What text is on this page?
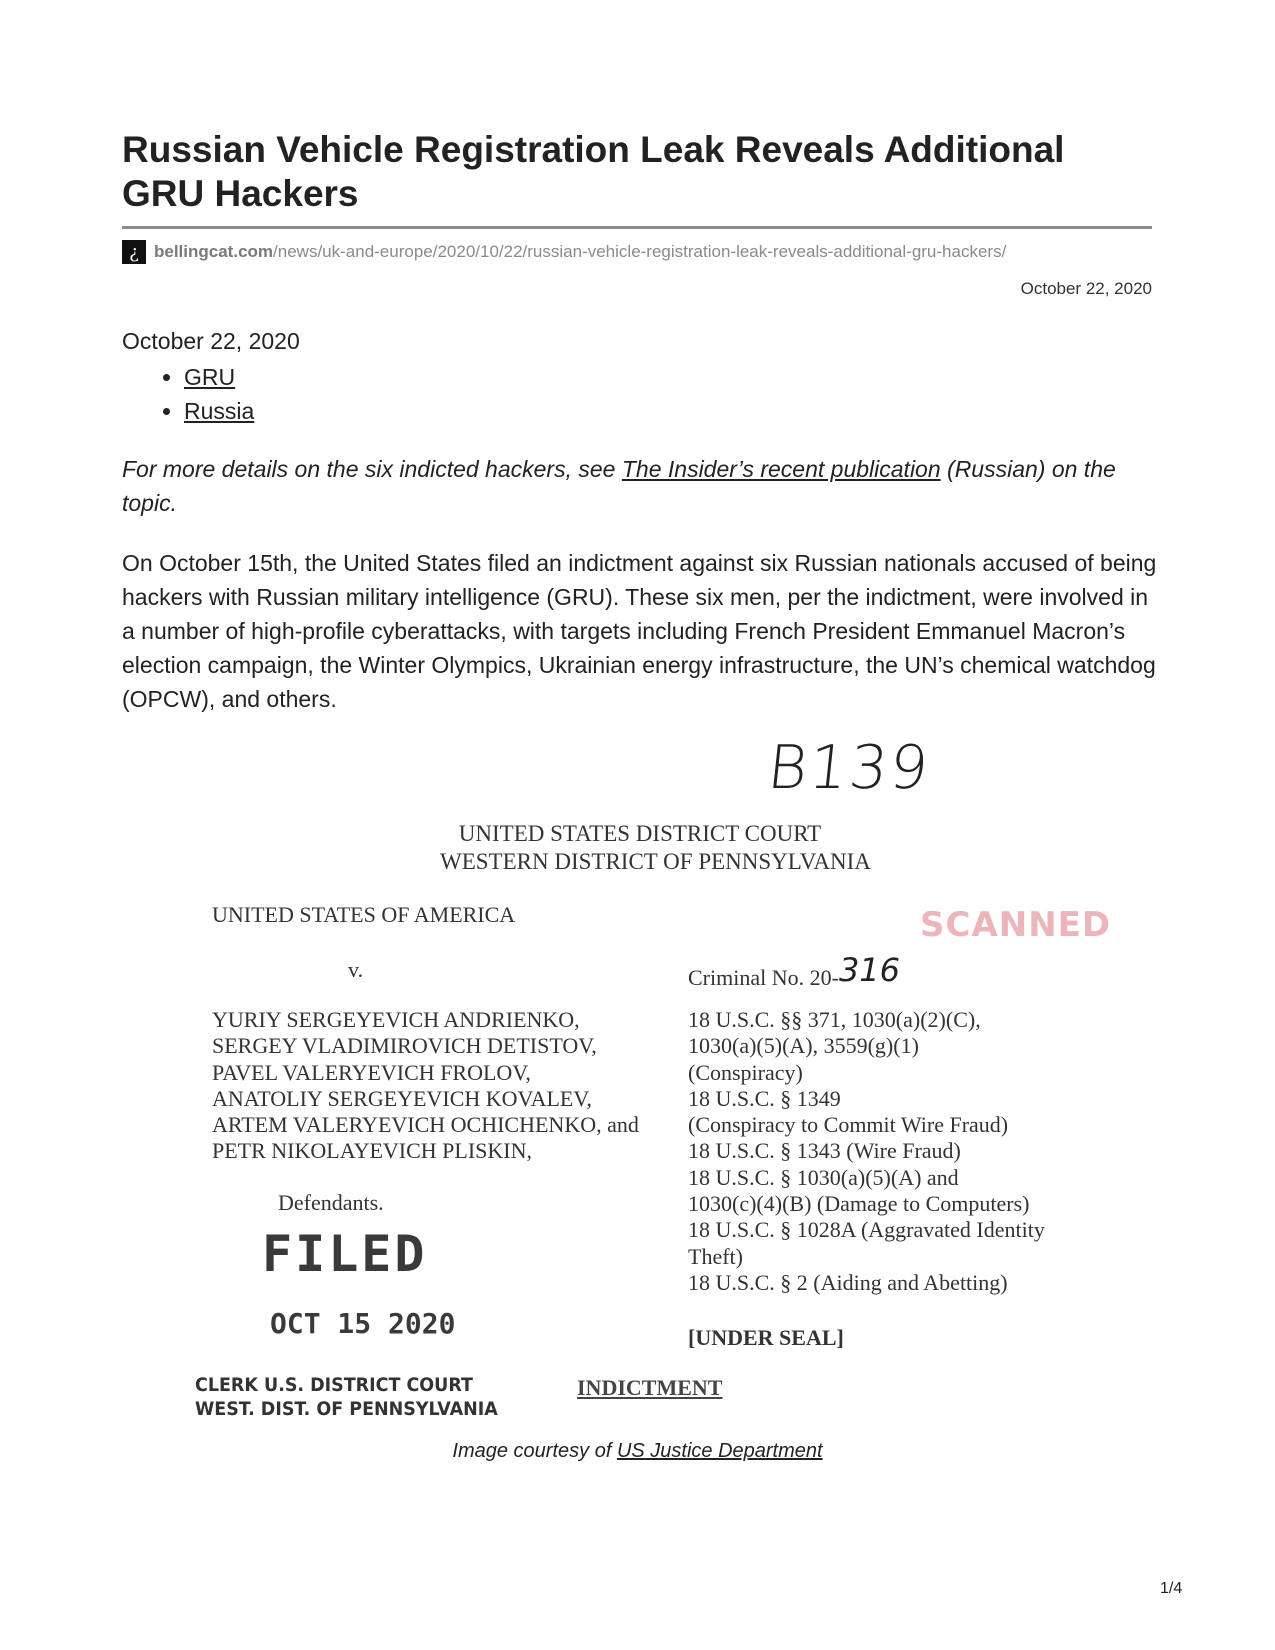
Russian Vehicle Registration Leak Reveals Additional GRU Hackers
¿ bellingcat.com/news/uk-and-europe/2020/10/22/russian-vehicle-registration-leak-reveals-additional-gru-hackers/
October 22, 2020
October 22, 2020
• GRU
• Russia

For more details on the six indicted hackers, see The Insider’s recent publication (Russian) on the topic.

On October 15th, the United States filed an indictment against six Russian nationals accused of being hackers with Russian military intelligence (GRU). These six men, per the indictment, were involved in a number of high-profile cyberattacks, with targets including French President Emmanuel Macron’s election campaign, the Winter Olympics, Ukrainian energy infrastructure, the UN’s chemical watchdog (OPCW), and others.

B139
UNITED STATES DISTRICT COURT
WESTERN DISTRICT OF PENNSYLVANIA
UNITED STATES OF AMERICA	SCANNED
v.	Criminal No. 20-316
YURIY SERGEYEVICH ANDRIENKO,
SERGEY VLADIMIROVICH DETISTOV,
PAVEL VALERYEVICH FROLOV,
ANATOLIY SERGEYEVICH KOVALEV,
ARTEM VALERYEVICH OCHICHENKO, and
PETR NIKOLAYEVICH PLISKIN,
18 U.S.C. §§ 371, 1030(a)(2)(C),
1030(a)(5)(A), 3559(g)(1)
(Conspiracy)
18 U.S.C. § 1349
(Conspiracy to Commit Wire Fraud)
18 U.S.C. § 1343 (Wire Fraud)
18 U.S.C. § 1030(a)(5)(A) and
1030(c)(4)(B) (Damage to Computers)
18 U.S.C. § 1028A (Aggravated Identity
Theft)
18 U.S.C. § 2 (Aiding and Abetting)
Defendants.
FILED
OCT 15 2020	[UNDER SEAL]
CLERK U.S. DISTRICT COURT
WEST. DIST. OF PENNSYLVANIA
INDICTMENT
Image courtesy of US Justice Department
1/4
